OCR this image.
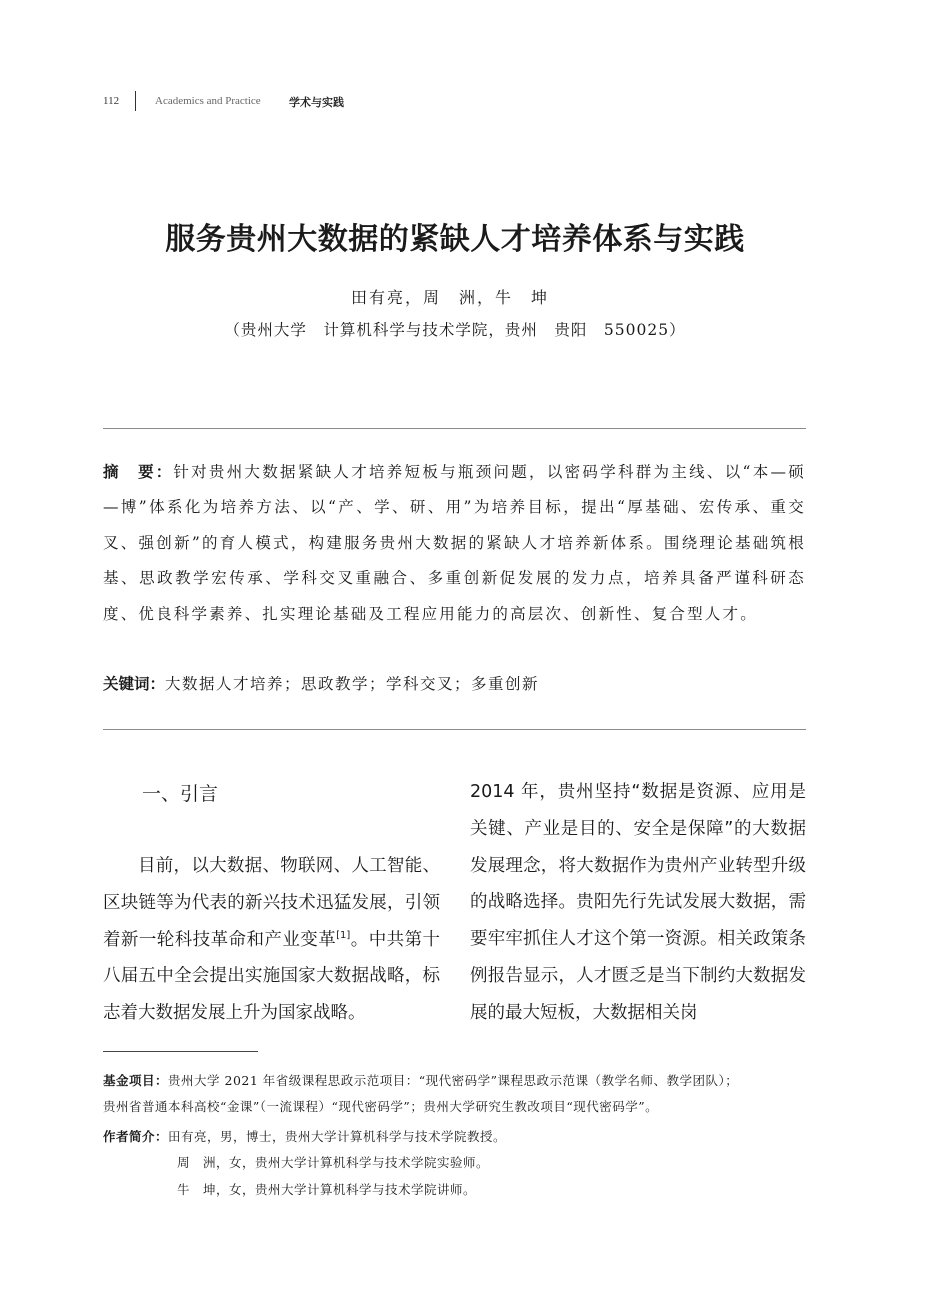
112	Academics and Practice	学术与实践
服务贵州大数据的紧缺人才培养体系与实践
田有亮，周　洲，牛　坤
（贵州大学　计算机科学与技术学院，贵州　贵阳　550025）
摘　要：针对贵州大数据紧缺人才培养短板与瓶颈问题，以密码学科群为主线、以“本—硕—博”体系化为培养方法、以“产、学、研、用”为培养目标，提出“厚基础、宏传承、重交叉、强创新”的育人模式，构建服务贵州大数据的紧缺人才培养新体系。围绕理论基础筑根基、思政教学宏传承、学科交叉重融合、多重创新促发展的发力点，培养具备严谨科研态度、优良科学素养、扎实理论基础及工程应用能力的高层次、创新性、复合型人才。
关键词：大数据人才培养；思政教学；学科交叉；多重创新
一、引言
目前，以大数据、物联网、人工智能、区块链等为代表的新兴技术迅猛发展，引领着新一轮科技革命和产业变革[1]。中共第十八届五中全会提出实施国家大数据战略，标志着大数据发展上升为国家战略。
2014 年，贵州坚持“数据是资源、应用是关键、产业是目的、安全是保障”的大数据发展理念，将大数据作为贵州产业转型升级的战略选择。贵阳先行先试发展大数据，需要牢牢抓住人才这个第一资源。相关政策条例报告显示，人才匮乏是当下制约大数据发展的最大短板，大数据相关岗
基金项目：贵州大学 2021 年省级课程思政示范项目：“现代密码学”课程思政示范课（教学名师、教学团队）；
贵州省普通本科高校“金课”（一流课程）“现代密码学”；贵州大学研究生教改项目“现代密码学”。
作者简介：田有亮，男，博士，贵州大学计算机科学与技术学院教授。
周　洲，女，贵州大学计算机科学与技术学院实验师。
牛　坤，女，贵州大学计算机科学与技术学院讲师。
